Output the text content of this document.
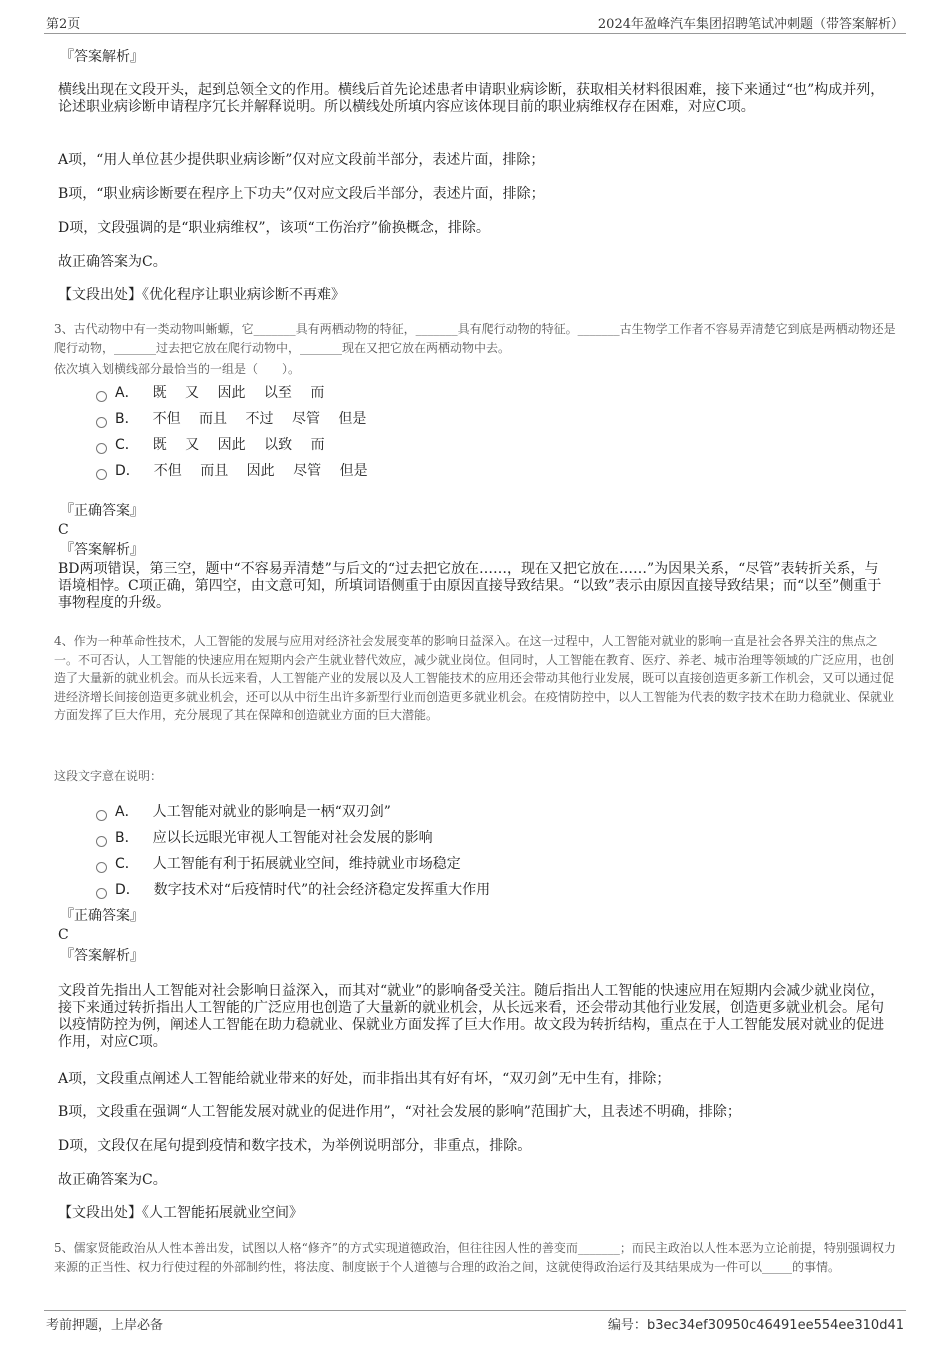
第2页	2024年盈峰汽车集团招聘笔试冲刺题（带答案解析）

『答案解析』

横线出现在文段开头，起到总领全文的作用。横线后首先论述患者申请职业病诊断，获取相关材料很困难，接下来通过“也”构成并列，论述职业病诊断申请程序冗长并解释说明。所以横线处所填内容应该体现目前的职业病维权存在困难，对应C项。

A项，“用人单位甚少提供职业病诊断”仅对应文段前半部分，表述片面，排除；

B项，“职业病诊断要在程序上下功夫”仅对应文段后半部分，表述片面，排除；

D项，文段强调的是“职业病维权”，该项“工伤治疗”偷换概念，排除。

故正确答案为C。

【文段出处】《优化程序让职业病诊断不再难》

3、古代动物中有一类动物叫蜥螈，它_______具有两栖动物的特征，_______具有爬行动物的特征。_______古生物学工作者不容易弄清楚它到底是两栖动物还是爬行动物，_______过去把它放在爬行动物中，_______现在又把它放在两栖动物中去。

依次填入划横线部分最恰当的一组是（　　）。

A． 既 又 因此 以至 而
B． 不但 而且 不过 尽管 但是
C． 既 又 因此 以致 而
D． 不但 而且 因此 尽管 但是

『正确答案』

C

『答案解析』

BD两项错误，第三空，题中“不容易弄清楚”与后文的“过去把它放在……，现在又把它放在……”为因果关系，“尽管”表转折关系，与语境相悖。C项正确，第四空，由文意可知，所填词语侧重于由原因直接导致结果。“以致”表示由原因直接导致结果；而“以至”侧重于事物程度的升级。

4、作为一种革命性技术，人工智能的发展与应用对经济社会发展变革的影响日益深入。在这一过程中，人工智能对就业的影响一直是社会各界关注的焦点之一。不可否认，人工智能的快速应用在短期内会产生就业替代效应，减少就业岗位。但同时，人工智能在教育、医疗、养老、城市治理等领域的广泛应用，也创造了大量新的就业机会。而从长远来看，人工智能产业的发展以及人工智能技术的应用还会带动其他行业发展，既可以直接创造更多新工作机会，又可以通过促进经济增长间接创造更多就业机会，还可以从中衍生出许多新型行业而创造更多就业机会。在疫情防控中，以人工智能为代表的数字技术在助力稳就业、保就业方面发挥了巨大作用，充分展现了其在保障和创造就业方面的巨大潜能。

这段文字意在说明：

A． 人工智能对就业的影响是一柄“双刃剑”
B． 应以长远眼光审视人工智能对社会发展的影响
C． 人工智能有利于拓展就业空间，维持就业市场稳定
D． 数字技术对“后疫情时代”的社会经济稳定发挥重大作用

『正确答案』

C

『答案解析』

文段首先指出人工智能对社会影响日益深入，而其对“就业”的影响备受关注。随后指出人工智能的快速应用在短期内会减少就业岗位，接下来通过转折指出人工智能的广泛应用也创造了大量新的就业机会，从长远来看，还会带动其他行业发展，创造更多就业机会。尾句以疫情防控为例，阐述人工智能在助力稳就业、保就业方面发挥了巨大作用。故文段为转折结构，重点在于人工智能发展对就业的促进作用，对应C项。

A项，文段重点阐述人工智能给就业带来的好处，而非指出其有好有坏，“双刃剑”无中生有，排除；

B项，文段重在强调“人工智能发展对就业的促进作用”，“对社会发展的影响”范围扩大，且表述不明确，排除；

D项，文段仅在尾句提到疫情和数字技术，为举例说明部分，非重点，排除。

故正确答案为C。

【文段出处】《人工智能拓展就业空间》

5、儒家贤能政治从人性本善出发，试图以人格“修齐”的方式实现道德政治，但往往因人性的善变而_______；而民主政治以人性本恶为立论前提，特别强调权力来源的正当性、权力行使过程的外部制约性，将法度、制度嵌于个人道德与合理的政治之间，这就使得政治运行及其结果成为一件可以_____的事情。

考前押题，上岸必备	编号：b3ec34ef30950c46491ee554ee310d41
